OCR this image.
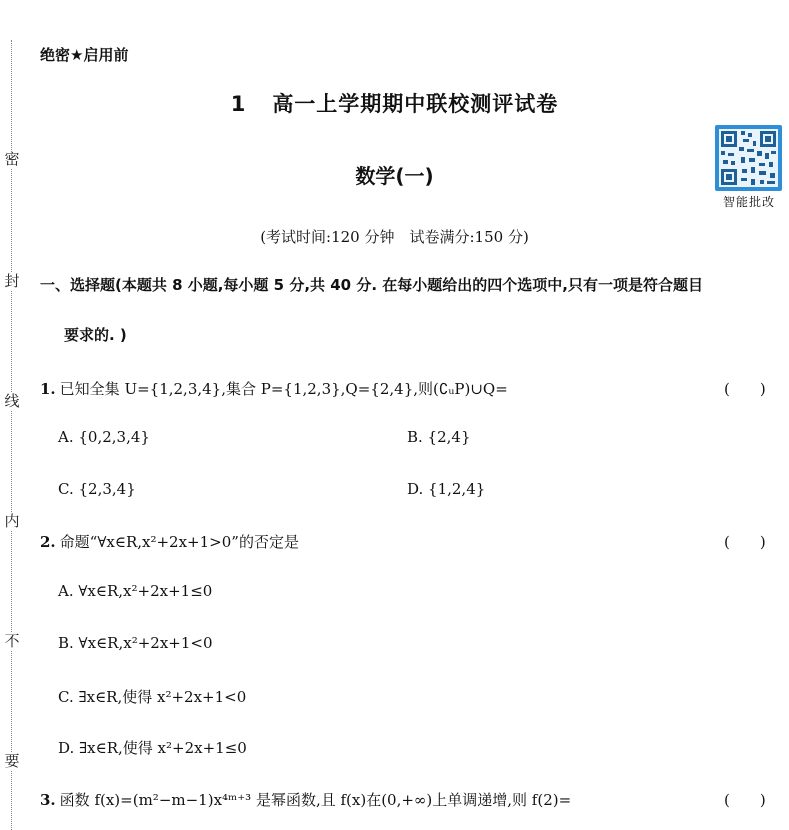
密
封
线
内
不
要
绝密★启用前
1 高一上学期期中联校测评试卷
数学(一)
智能批改
(考试时间:120 分钟　试卷满分:150 分)
一、选择题(本题共 8 小题,每小题 5 分,共 40 分. 在每小题给出的四个选项中,只有一项是符合题目
要求的. )
1. 已知全集 U={1,2,3,4},集合 P={1,2,3},Q={2,4},则(∁ᵤP)∪Q=	(　　)
A. {0,2,3,4}	B. {2,4}
C. {2,3,4}	D. {1,2,4}
2. 命题“∀x∈R,x²+2x+1>0”的否定是	(　　)
A. ∀x∈R,x²+2x+1≤0
B. ∀x∈R,x²+2x+1<0
C. ∃x∈R,使得 x²+2x+1<0
D. ∃x∈R,使得 x²+2x+1≤0
3. 函数 f(x)=(m²−m−1)x⁴ᵐ⁺³ 是幂函数,且 f(x)在(0,+∞)上单调递增,则 f(2)=	(　　)
